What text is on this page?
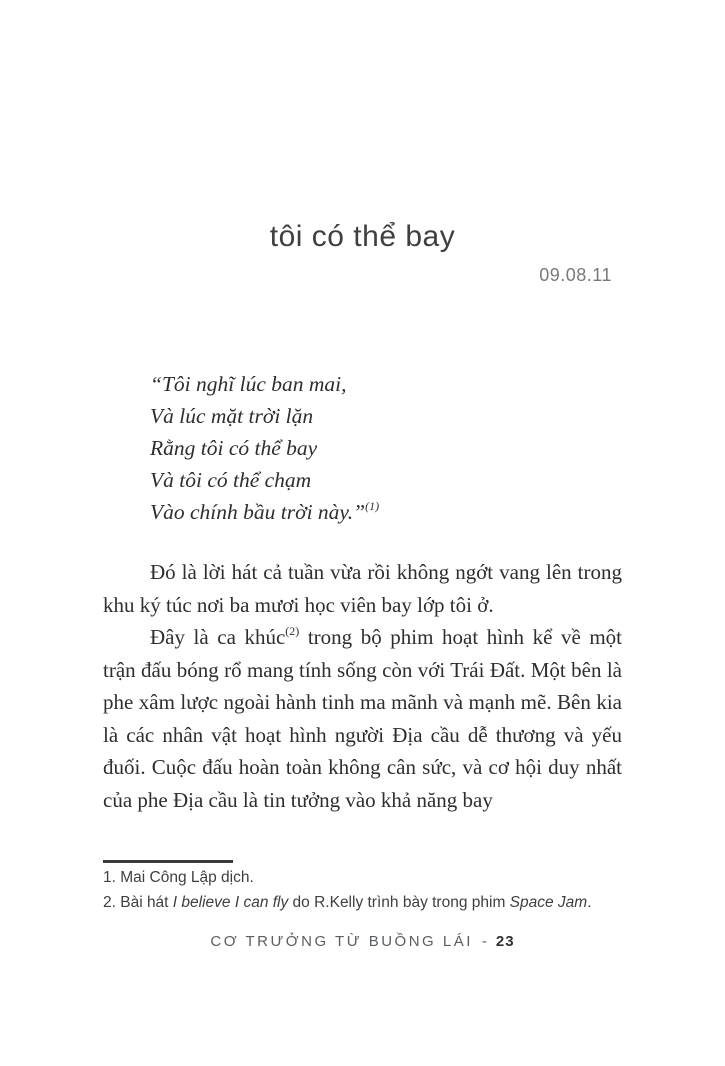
tôi có thể bay
09.08.11
“Tôi nghĩ lúc ban mai,
Và lúc mặt trời lặn
Rằng tôi có thể bay
Và tôi có thể chạm
Vào chính bầu trời này.”$^{(1)}$

Đó là lời hát cả tuần vừa rồi không ngớt vang lên trong khu ký túc nơi ba mươi học viên bay lớp tôi ở.

Đây là ca khúc$^{(2)}$ trong bộ phim hoạt hình kể về một trận đấu bóng rổ mang tính sống còn với Trái Đất. Một bên là phe xâm lược ngoài hành tinh ma mãnh và mạnh mẽ. Bên kia là các nhân vật hoạt hình người Địa cầu dễ thương và yếu đuối. Cuộc đấu hoàn toàn không cân sức, và cơ hội duy nhất của phe Địa cầu là tin tưởng vào khả năng bay

1. Mai Công Lập dịch.
2. Bài hát I believe I can fly do R.Kelly trình bày trong phim Space Jam.
CƠ TRƯỞNG TỪ BUỒNG LÁI - 23
